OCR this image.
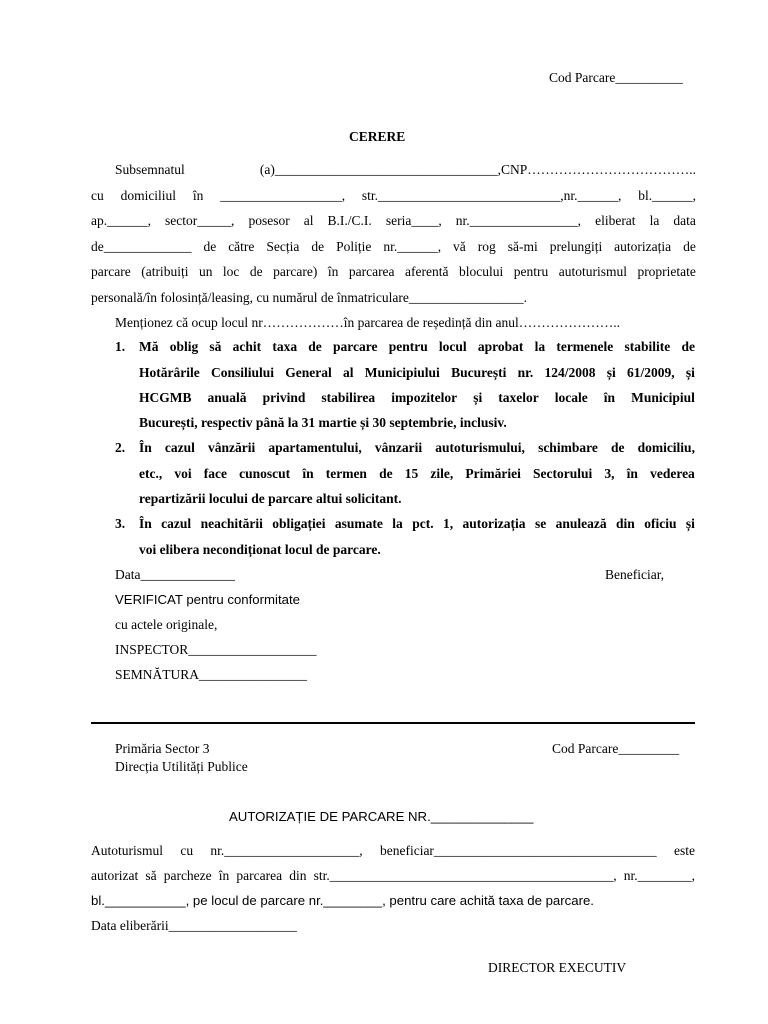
Cod Parcare__________
CERERE
Subsemnatul	(a)_________________________________,CNP………………………………..
cu domiciliul în __________________, str.___________________________,nr.______, bl.______,
ap.______, sector_____, posesor al B.I./C.I. seria____, nr.________________, eliberat la data
de_____________ de către Secția de Poliție nr.______, vă rog să-mi prelungiți autorizația de
parcare (atribuiți un loc de parcare) în parcarea aferentă blocului pentru autoturismul proprietate
personală/în folosință/leasing, cu numărul de înmatriculare_________________.
Menționez că ocup locul nr………………în parcarea de reședință din anul…………………..
1. Mă oblig să achit taxa de parcare pentru locul aprobat la termenele stabilite de
Hotărârile Consiliului General al Municipiului București nr. 124/2008 și 61/2009, și
HCGMB anuală privind stabilirea impozitelor și taxelor locale în Municipiul
București, respectiv până la 31 martie și 30 septembrie, inclusiv.
2. În cazul vânzării apartamentului, vânzarii autoturismului, schimbare de domiciliu,
etc., voi face cunoscut în termen de 15 zile, Primăriei Sectorului 3, în vederea
repartizării locului de parcare altui solicitant.
3. În cazul neachitării obligației asumate la pct. 1, autorizația se anulează din oficiu și
voi elibera necondiționat locul de parcare.
Data______________	Beneficiar,
VERIFICAT pentru conformitate
cu actele originale,
INSPECTOR___________________
SEMNĂTURA________________
Primăria Sector 3
Direcția Utilități Publice
Cod Parcare_________
AUTORIZAȚIE DE PARCARE NR.______________
Autoturismul cu nr.____________________, beneficiar_________________________________ este
autorizat să parcheze în parcarea din str.__________________________________________, nr.________,
bl.___________, pe locul de parcare nr.________, pentru care achită taxa de parcare.
Data eliberării___________________
DIRECTOR EXECUTIV
